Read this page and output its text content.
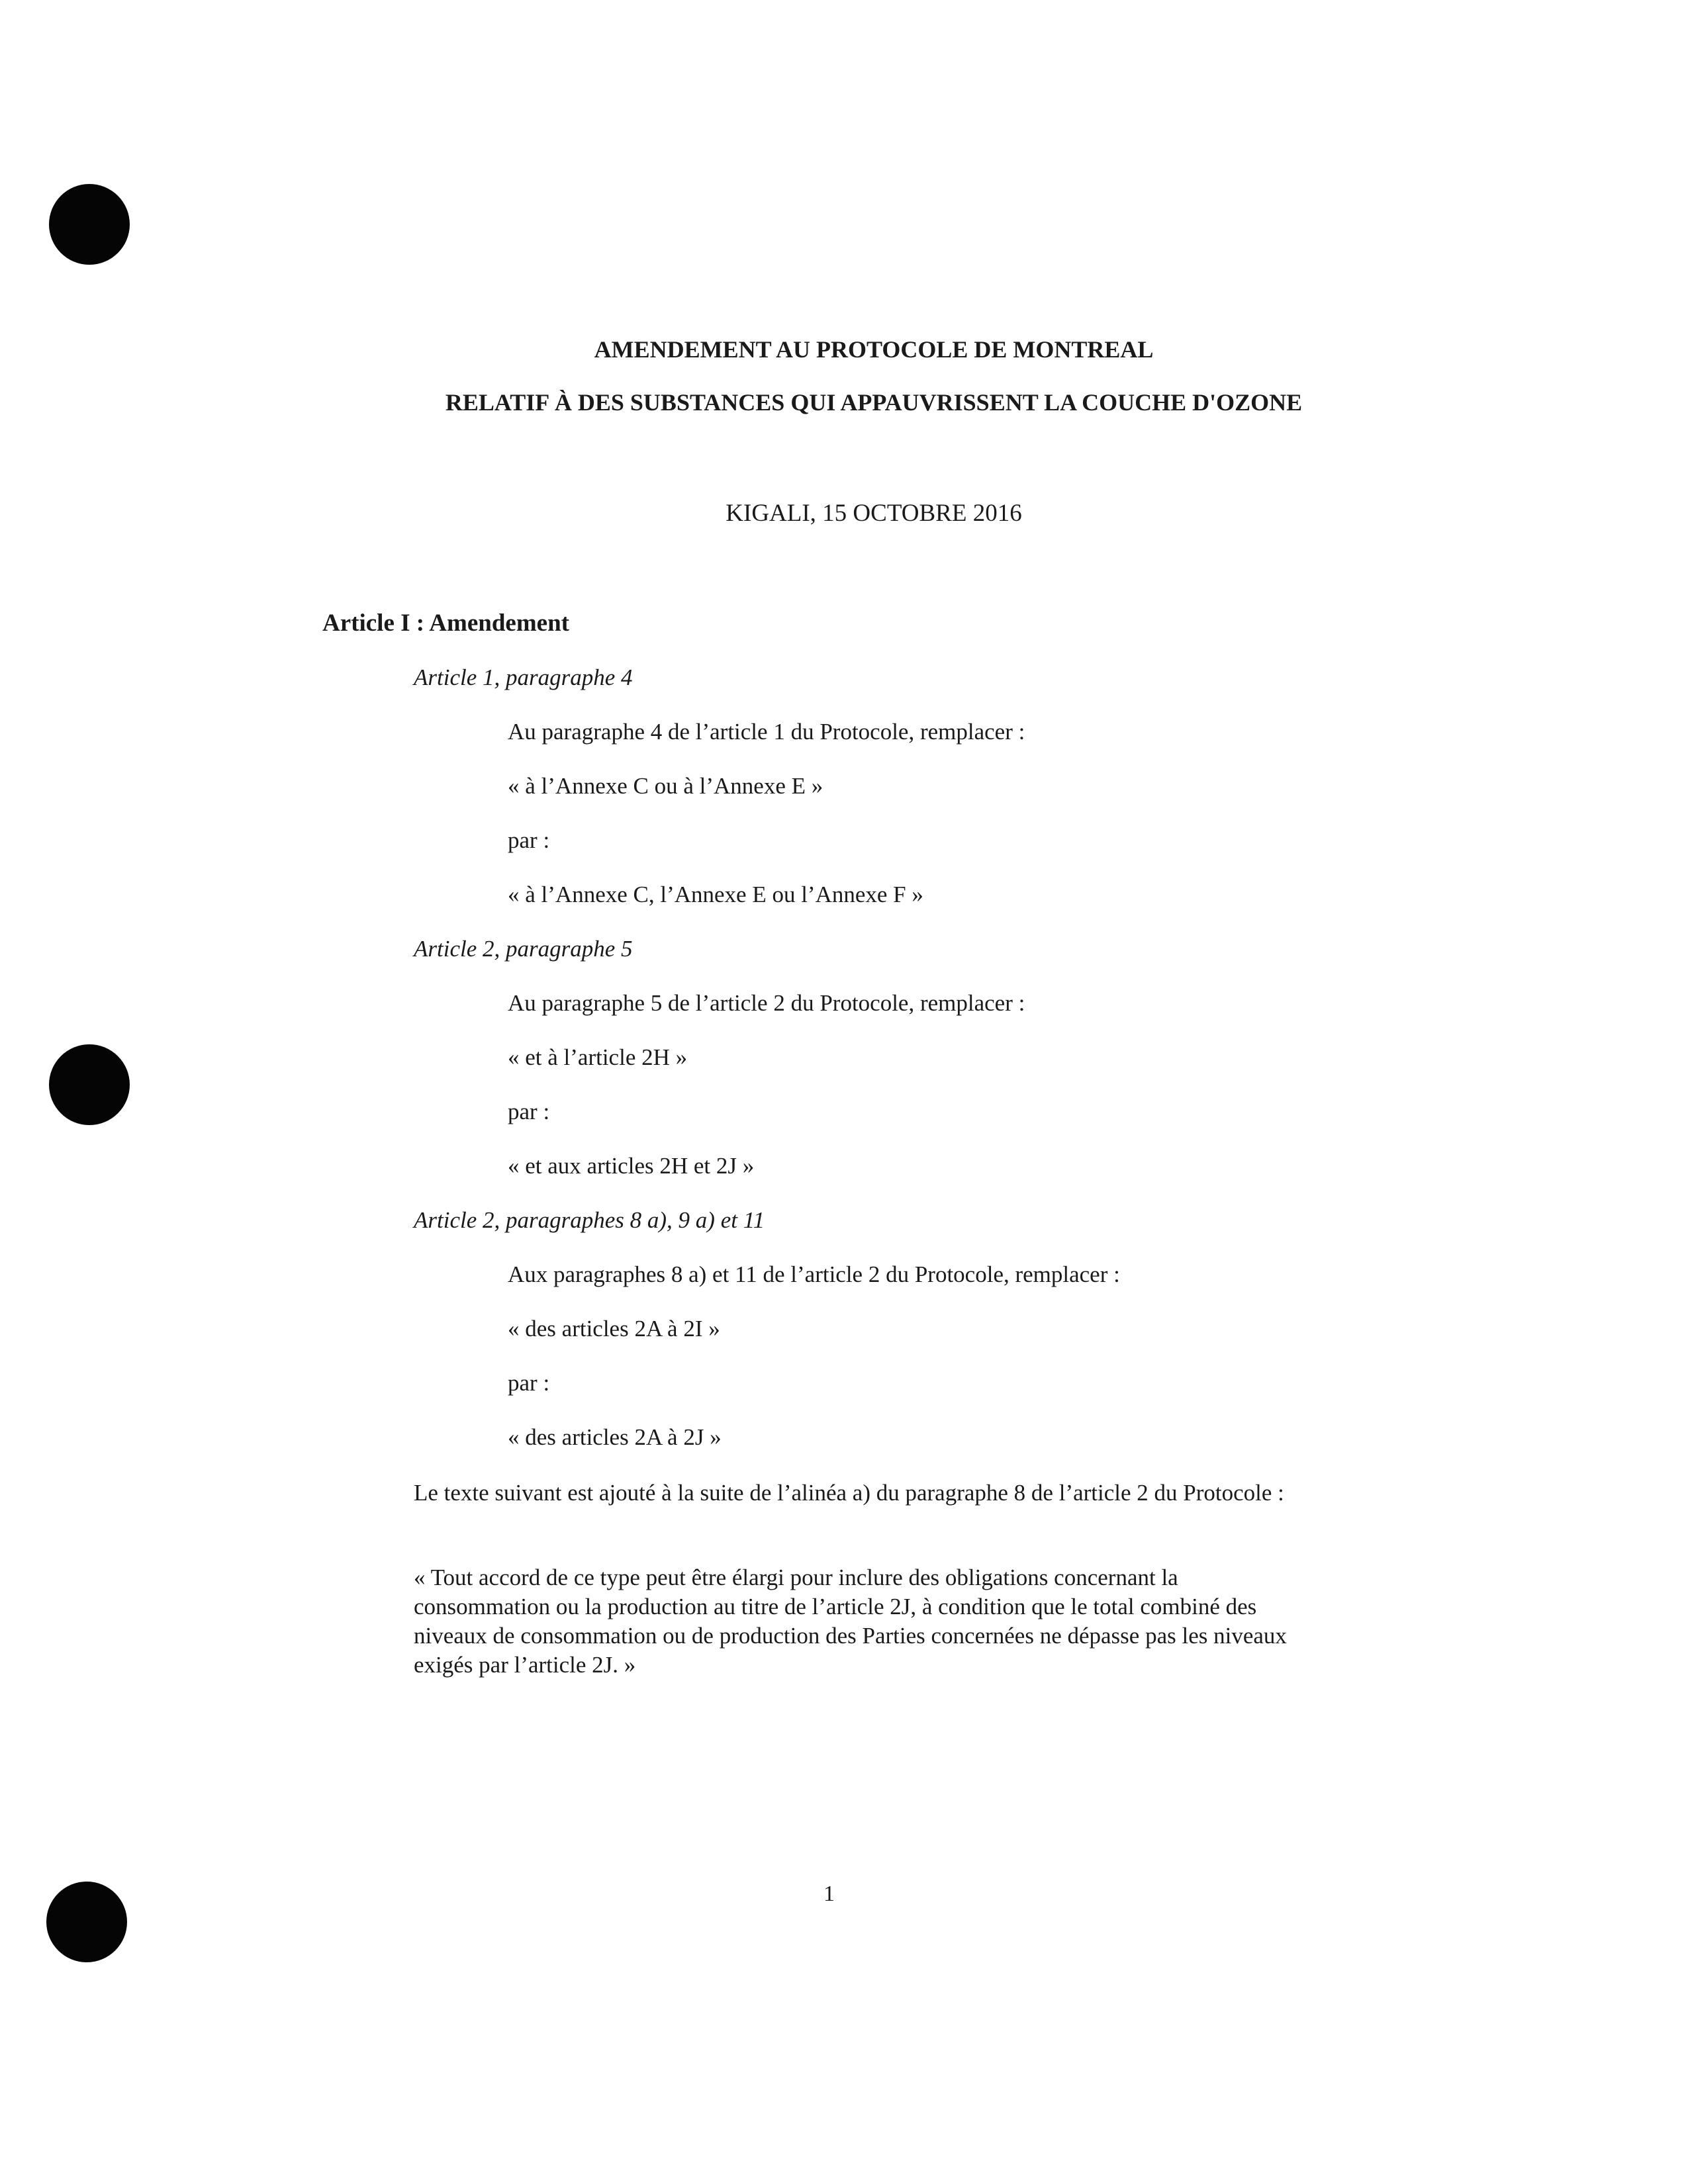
AMENDEMENT AU PROTOCOLE DE MONTREAL

RELATIF À DES SUBSTANCES QUI APPAUVRISSENT LA COUCHE D'OZONE

KIGALI, 15 OCTOBRE 2016

Article I : Amendement

Article 1, paragraphe 4

Au paragraphe 4 de l’article 1 du Protocole, remplacer :

« à l’Annexe C ou à l’Annexe E »

par :

« à l’Annexe C, l’Annexe E ou l’Annexe F »

Article 2, paragraphe 5

Au paragraphe 5 de l’article 2 du Protocole, remplacer :

« et à l’article 2H »

par :

« et aux articles 2H et 2J »

Article 2, paragraphes 8 a), 9 a) et 11

Aux paragraphes 8 a) et 11 de l’article 2 du Protocole, remplacer :

« des articles 2A à 2I »

par :

« des articles 2A à 2J »

Le texte suivant est ajouté à la suite de l’alinéa a) du paragraphe 8 de l’article 2 du Protocole :

« Tout accord de ce type peut être élargi pour inclure des obligations concernant la consommation ou la production au titre de l’article 2J, à condition que le total combiné des niveaux de consommation ou de production des Parties concernées ne dépasse pas les niveaux exigés par l’article 2J. »

1
